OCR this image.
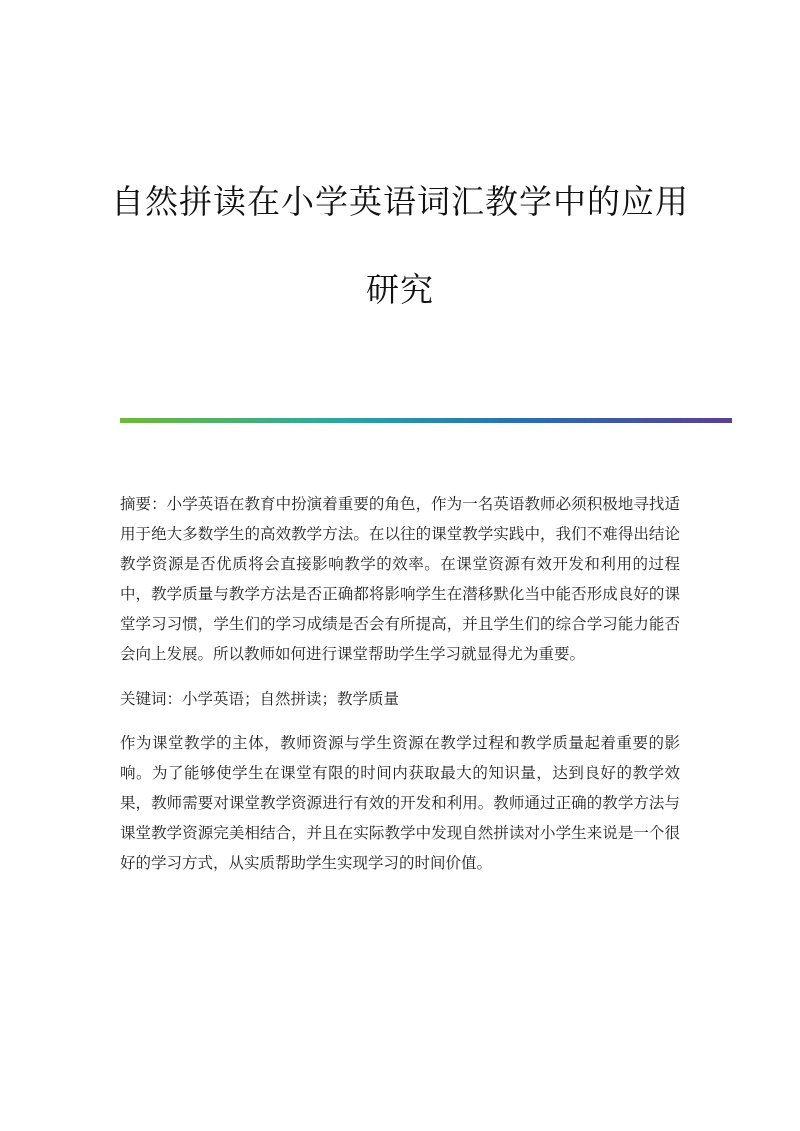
自然拼读在小学英语词汇教学中的应用

研究

摘要：小学英语在教育中扮演着重要的角色，作为一名英语教师必须积极地寻找适用于绝大多数学生的高效教学方法。在以往的课堂教学实践中，我们不难得出结论教学资源是否优质将会直接影响教学的效率。在课堂资源有效开发和利用的过程中，教学质量与教学方法是否正确都将影响学生在潜移默化当中能否形成良好的课堂学习习惯，学生们的学习成绩是否会有所提高，并且学生们的综合学习能力能否会向上发展。所以教师如何进行课堂帮助学生学习就显得尤为重要。

关键词：小学英语；自然拼读；教学质量

作为课堂教学的主体，教师资源与学生资源在教学过程和教学质量起着重要的影响。为了能够使学生在课堂有限的时间内获取最大的知识量，达到良好的教学效果，教师需要对课堂教学资源进行有效的开发和利用。教师通过正确的教学方法与课堂教学资源完美相结合，并且在实际教学中发现自然拼读对小学生来说是一个很好的学习方式，从实质帮助学生实现学习的时间价值。
